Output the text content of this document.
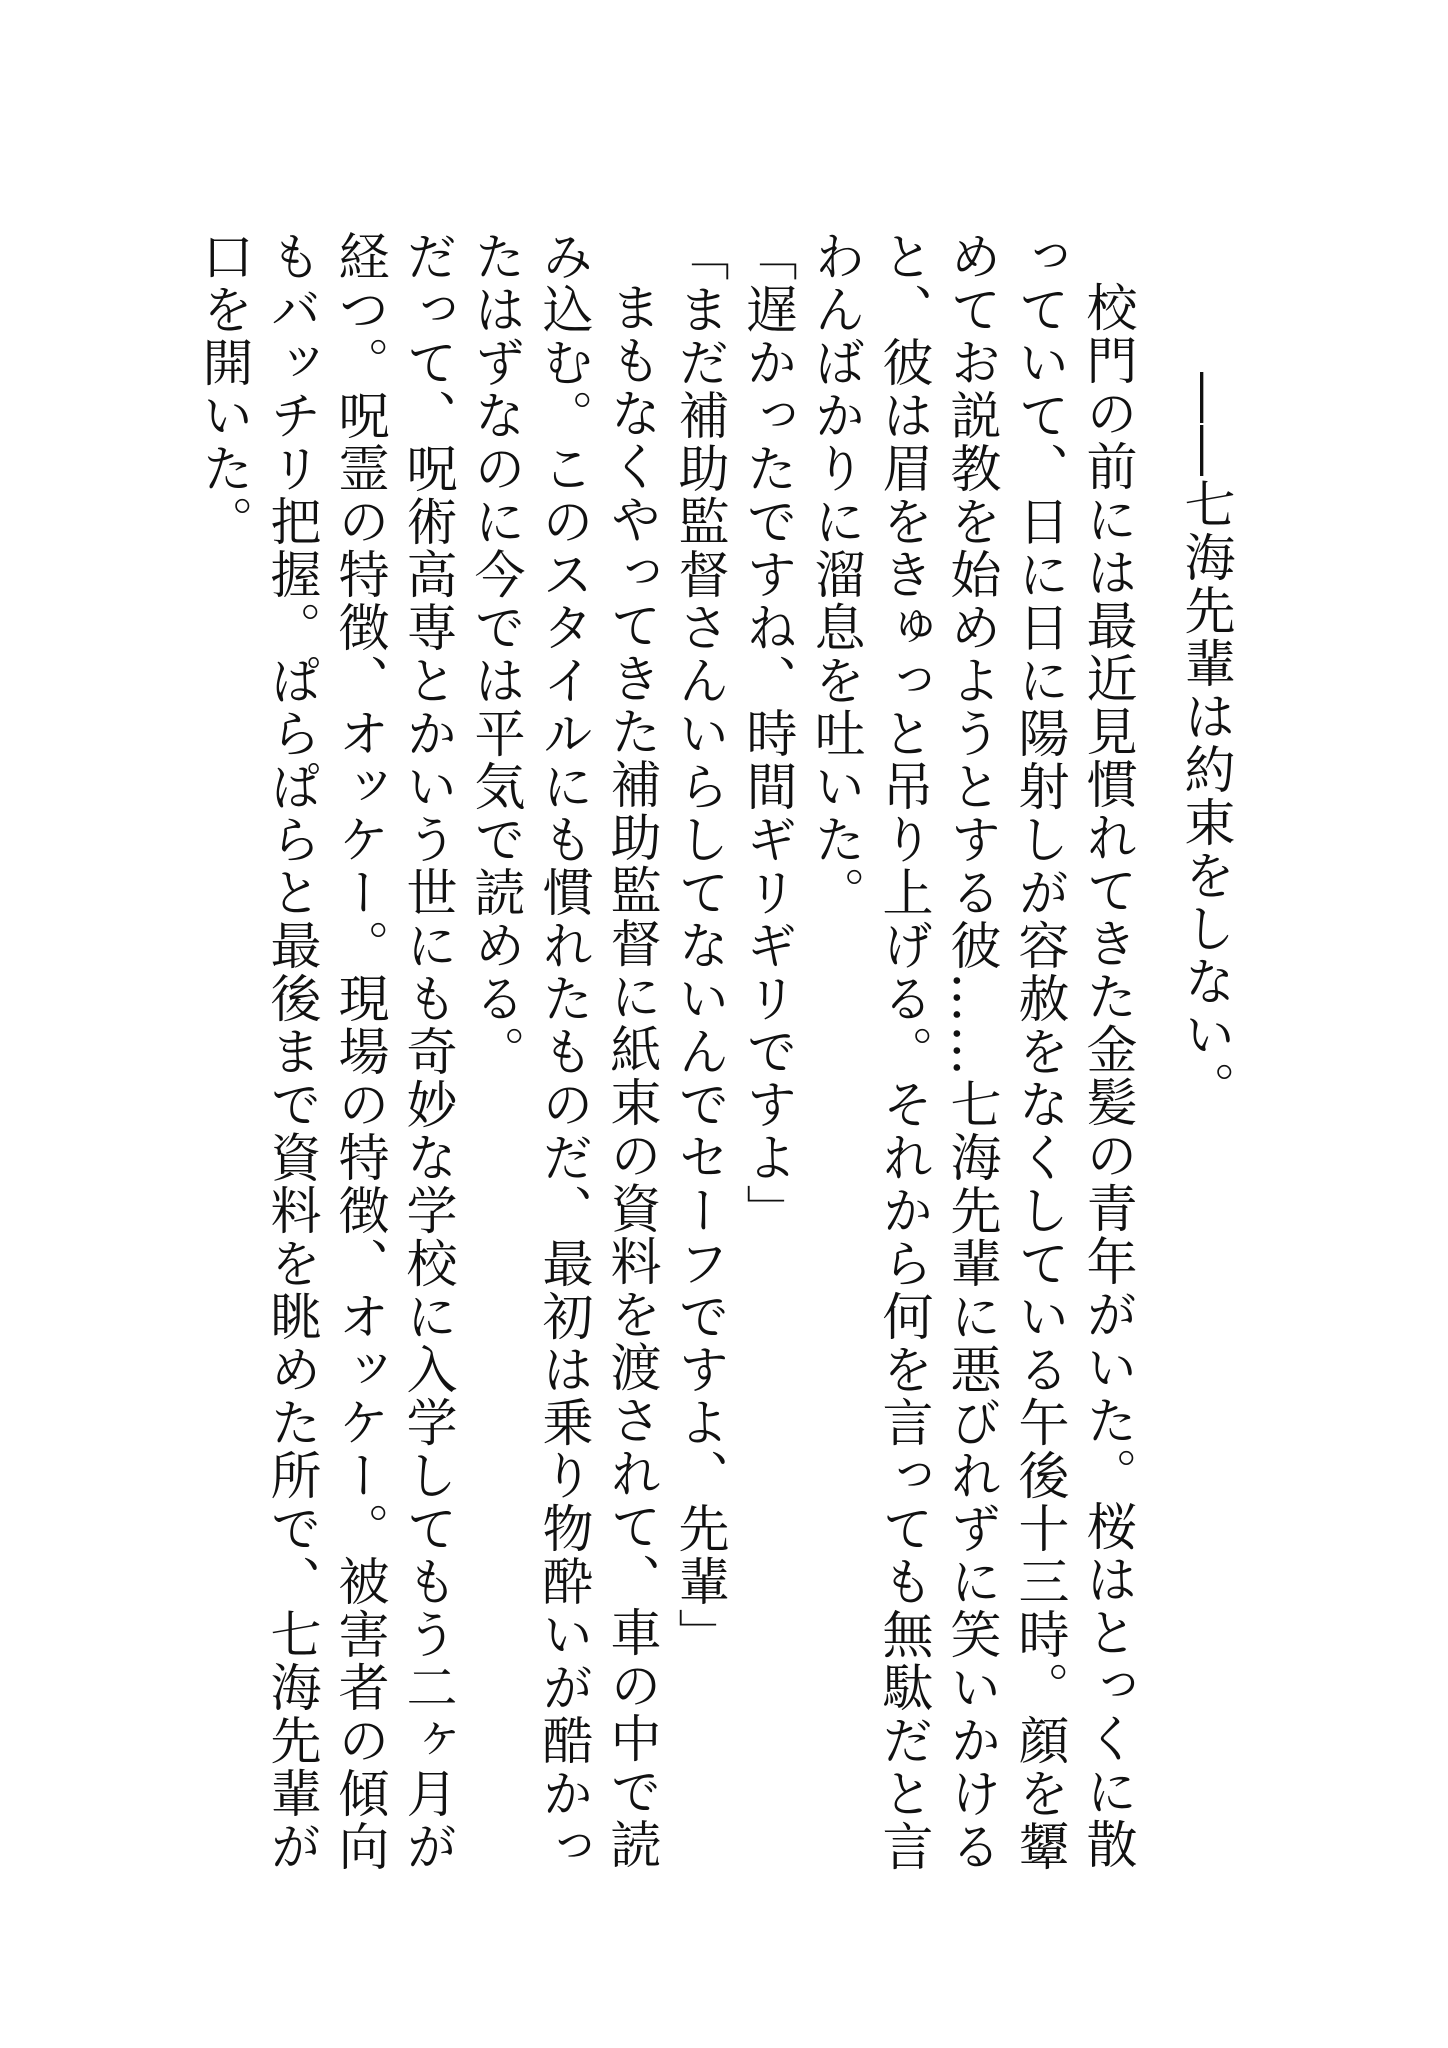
――七海先輩は約束をしない。

校門の前には最近見慣れてきた金髪の青年がいた。桜はとっくに散っていて、日に日に陽射しが容赦をなくしている午後十三時。顔を顰めてお説教を始めようとする彼……七海先輩に悪びれずに笑いかけると、彼は眉をきゅっと吊り上げる。それから何を言っても無駄だと言わんばかりに溜息を吐いた。

「遅かったですね、時間ギリギリですよ」

「まだ補助監督さんいらしてないんでセーフですよ、先輩」

まもなくやってきた補助監督に紙束の資料を渡されて、車の中で読み込む。このスタイルにも慣れたものだ、最初は乗り物酔いが酷かったはずなのに今では平気で読める。

だって、呪術高専とかいう世にも奇妙な学校に入学してもう二ヶ月が経つ。呪霊の特徴、オッケー。現場の特徴、オッケー。被害者の傾向もバッチリ把握。ぱらぱらと最後まで資料を眺めた所で、七海先輩が口を開いた。
